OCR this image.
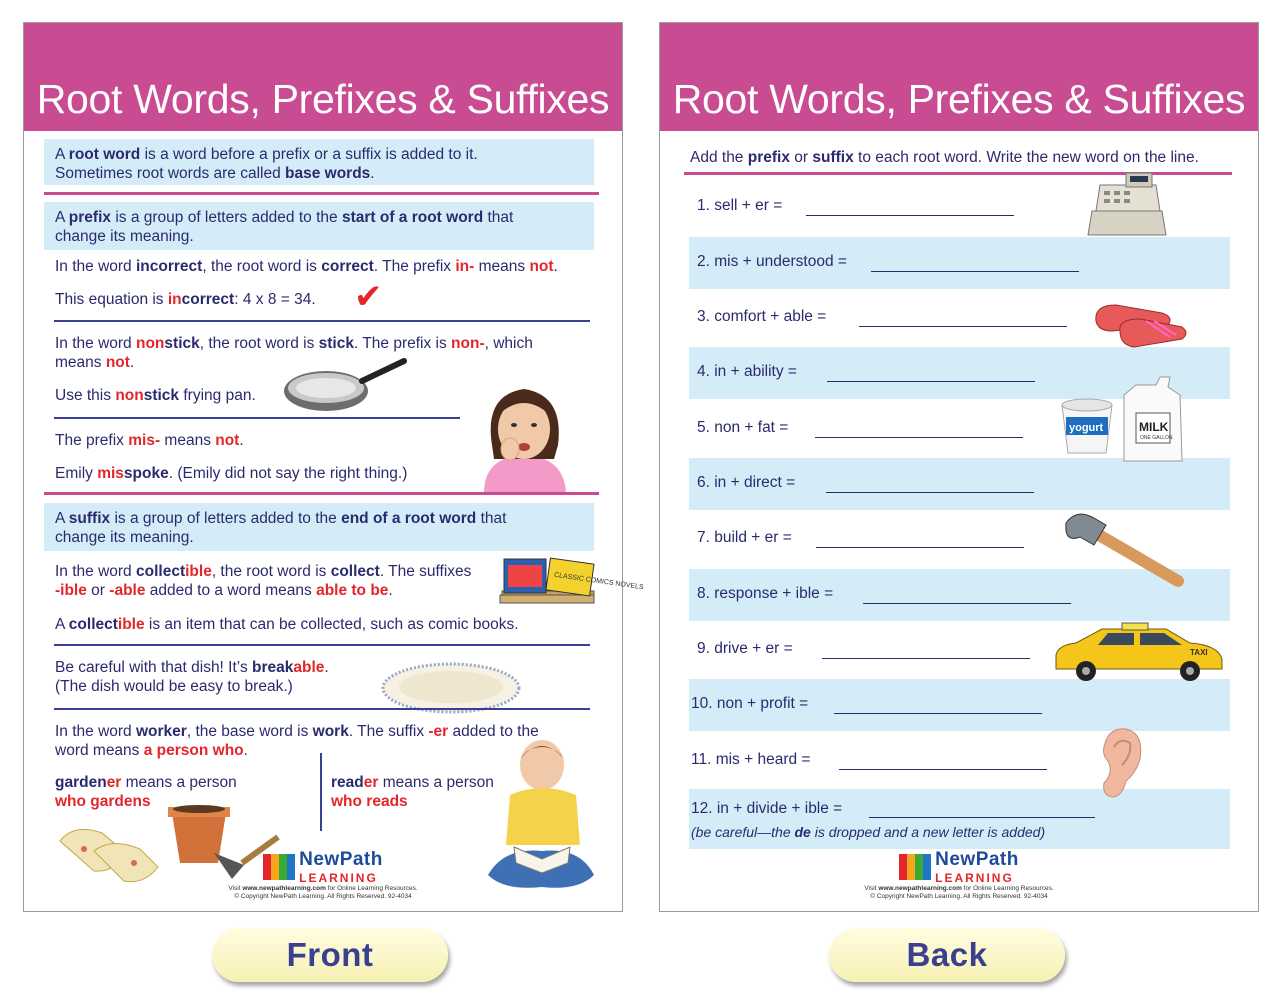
Root Words, Prefixes & Suffixes
A root word is a word before a prefix or a suffix is added to it.
Sometimes root words are called base words.
A prefix is a group of letters added to the start of a root word that
change its meaning.
In the word incorrect, the root word is correct. The prefix in- means not.
This equation is incorrect: 4 x 8 = 34. ✔
In the word nonstick, the root word is stick. The prefix is non-, which
means not.
Use this nonstick frying pan.
The prefix mis- means not.
Emily misspoke. (Emily did not say the right thing.)
A suffix is a group of letters added to the end of a root word that
change its meaning.
In the word collectible, the root word is collect. The suffixes
-ible or -able added to a word means able to be.	CLASSIC COMICS NOVELS
A collectible is an item that can be collected, such as comic books.
Be careful with that dish! It’s breakable.
(The dish would be easy to break.)
In the word worker, the base word is work. The suffix -er added to the
word means a person who.
gardener means a person
who gardens
reader means a person
who reads
NewPath
LEARNING
Visit www.newpathlearning.com for Online Learning Resources.
© Copyright NewPath Learning. All Rights Reserved. 92-4034
Root Words, Prefixes & Suffixes
Add the prefix or suffix to each root word. Write the new word on the line.
1. sell + er =
2. mis + understood =
3. comfort + able =
4. in + ability =
5. non + fat =
6. in + direct =
7. build + er =
8. response + ible =
9. drive + er =
10. non + profit =
11. mis + heard =
12. in + divide + ible =
(be careful—the de is dropped and a new letter is added)
yogurt	MILK
ONE GALLON
TAXI
NewPath
LEARNING
Visit www.newpathlearning.com for Online Learning Resources.
© Copyright NewPath Learning. All Rights Reserved. 92-4034
Front	Back
